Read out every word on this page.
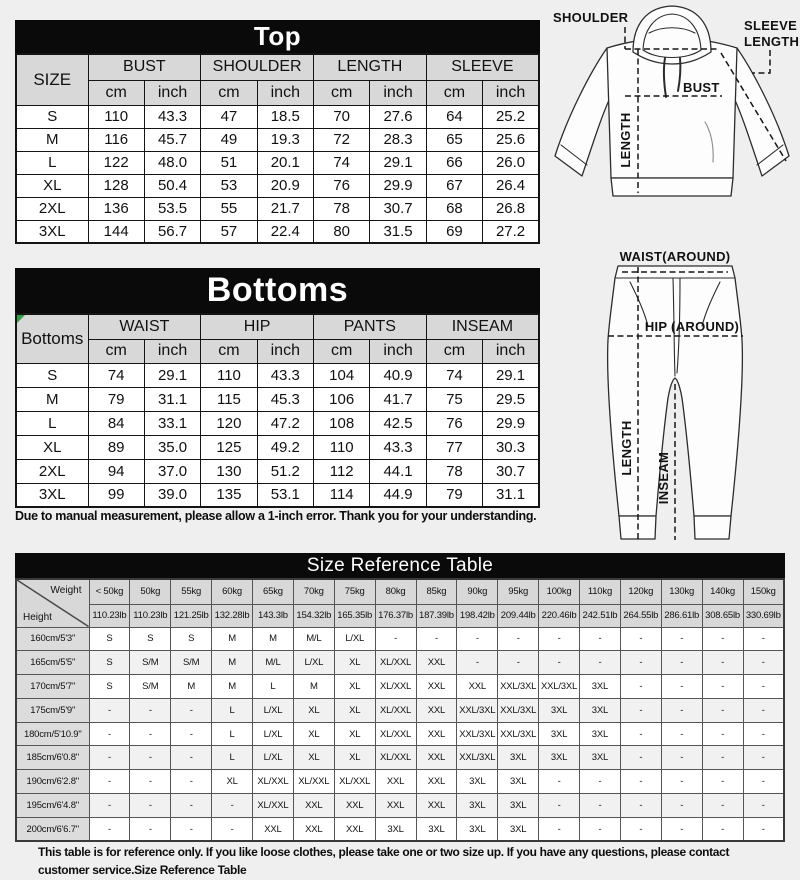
Top
SIZE	BUST		SHOULDER		LENGTH		SLEEVE	
	cm	inch	cm	inch	cm	inch	cm	inch
S	110	43.3	47	18.5	70	27.6	64	25.2
M	116	45.7	49	19.3	72	28.3	65	25.6
L	122	48.0	51	20.1	74	29.1	66	26.0
XL	128	50.4	53	20.9	76	29.9	67	26.4
2XL	136	53.5	55	21.7	78	30.7	68	26.8
3XL	144	56.7	57	22.4	80	31.5	69	27.2
SHOULDER
SLEEVE
LENGTH
BUST
LENGTH
Bottoms
Bottoms	WAIST		HIP		PANTS		INSEAM	
	cm	inch	cm	inch	cm	inch	cm	inch
S	74	29.1	110	43.3	104	40.9	74	29.1
M	79	31.1	115	45.3	106	41.7	75	29.5
L	84	33.1	120	47.2	108	42.5	76	29.9
XL	89	35.0	125	49.2	110	43.3	77	30.3
2XL	94	37.0	130	51.2	112	44.1	78	30.7
3XL	99	39.0	135	53.1	114	44.9	79	31.1

Due to manual measurement, please allow a 1-inch error. Thank you for your understanding.

WAIST(AROUND)
HIP (AROUND)
LENGTH
INSEAM
Size Reference Table
Weight
Height	< 50kg	50kg	55kg	60kg	65kg	70kg	75kg	80kg	85kg	90kg	95kg	100kg	110kg	120kg	130kg	140kg	150kg
	110.23lb	110.23lb	121.25lb	132.28lb	143.3lb	154.32lb	165.35lb	176.37lb	187.39lb	198.42lb	209.44lb	220.46lb	242.51lb	264.55lb	286.61lb	308.65lb	330.69lb
160cm/5'3"	S	S	S	M	M	M/L	L/XL	-	-	-	-	-	-	-	-	-	-
165cm/5'5"	S	S/M	S/M	M	M/L	L/XL	XL	XL/XXL	XXL	-	-	-	-	-	-	-	-
170cm/5'7"	S	S/M	M	M	L	M	XL	XL/XXL	XXL	XXL	XXL/3XL	XXL/3XL	3XL	-	-	-	-
175cm/5'9"	-	-	-	L	L/XL	XL	XL	XL/XXL	XXL	XXL/3XL	XXL/3XL	3XL	3XL	-	-	-	-
180cm/5'10.9"	-	-	-	L	L/XL	XL	XL	XL/XXL	XXL	XXL/3XL	XXL/3XL	3XL	3XL	-	-	-	-
185cm/6'0.8"	-	-	-	L	L/XL	XL	XL	XL/XXL	XXL	XXL/3XL	3XL	3XL	3XL	-	-	-	-
190cm/6'2.8"	-	-	-	XL	XL/XXL	XL/XXL	XL/XXL	XXL	XXL	3XL	3XL	-	-	-	-	-	-
195cm/6'4.8"	-	-	-	-	XL/XXL	XXL	XXL	XXL	XXL	3XL	3XL	-	-	-	-	-	-
200cm/6'6.7"	-	-	-	-	XXL	XXL	XXL	3XL	3XL	3XL	3XL	-	-	-	-	-	-

This table is for reference only. If you like loose clothes, please take one or two size up. If you have any questions, please contact customer service.Size Reference Table
